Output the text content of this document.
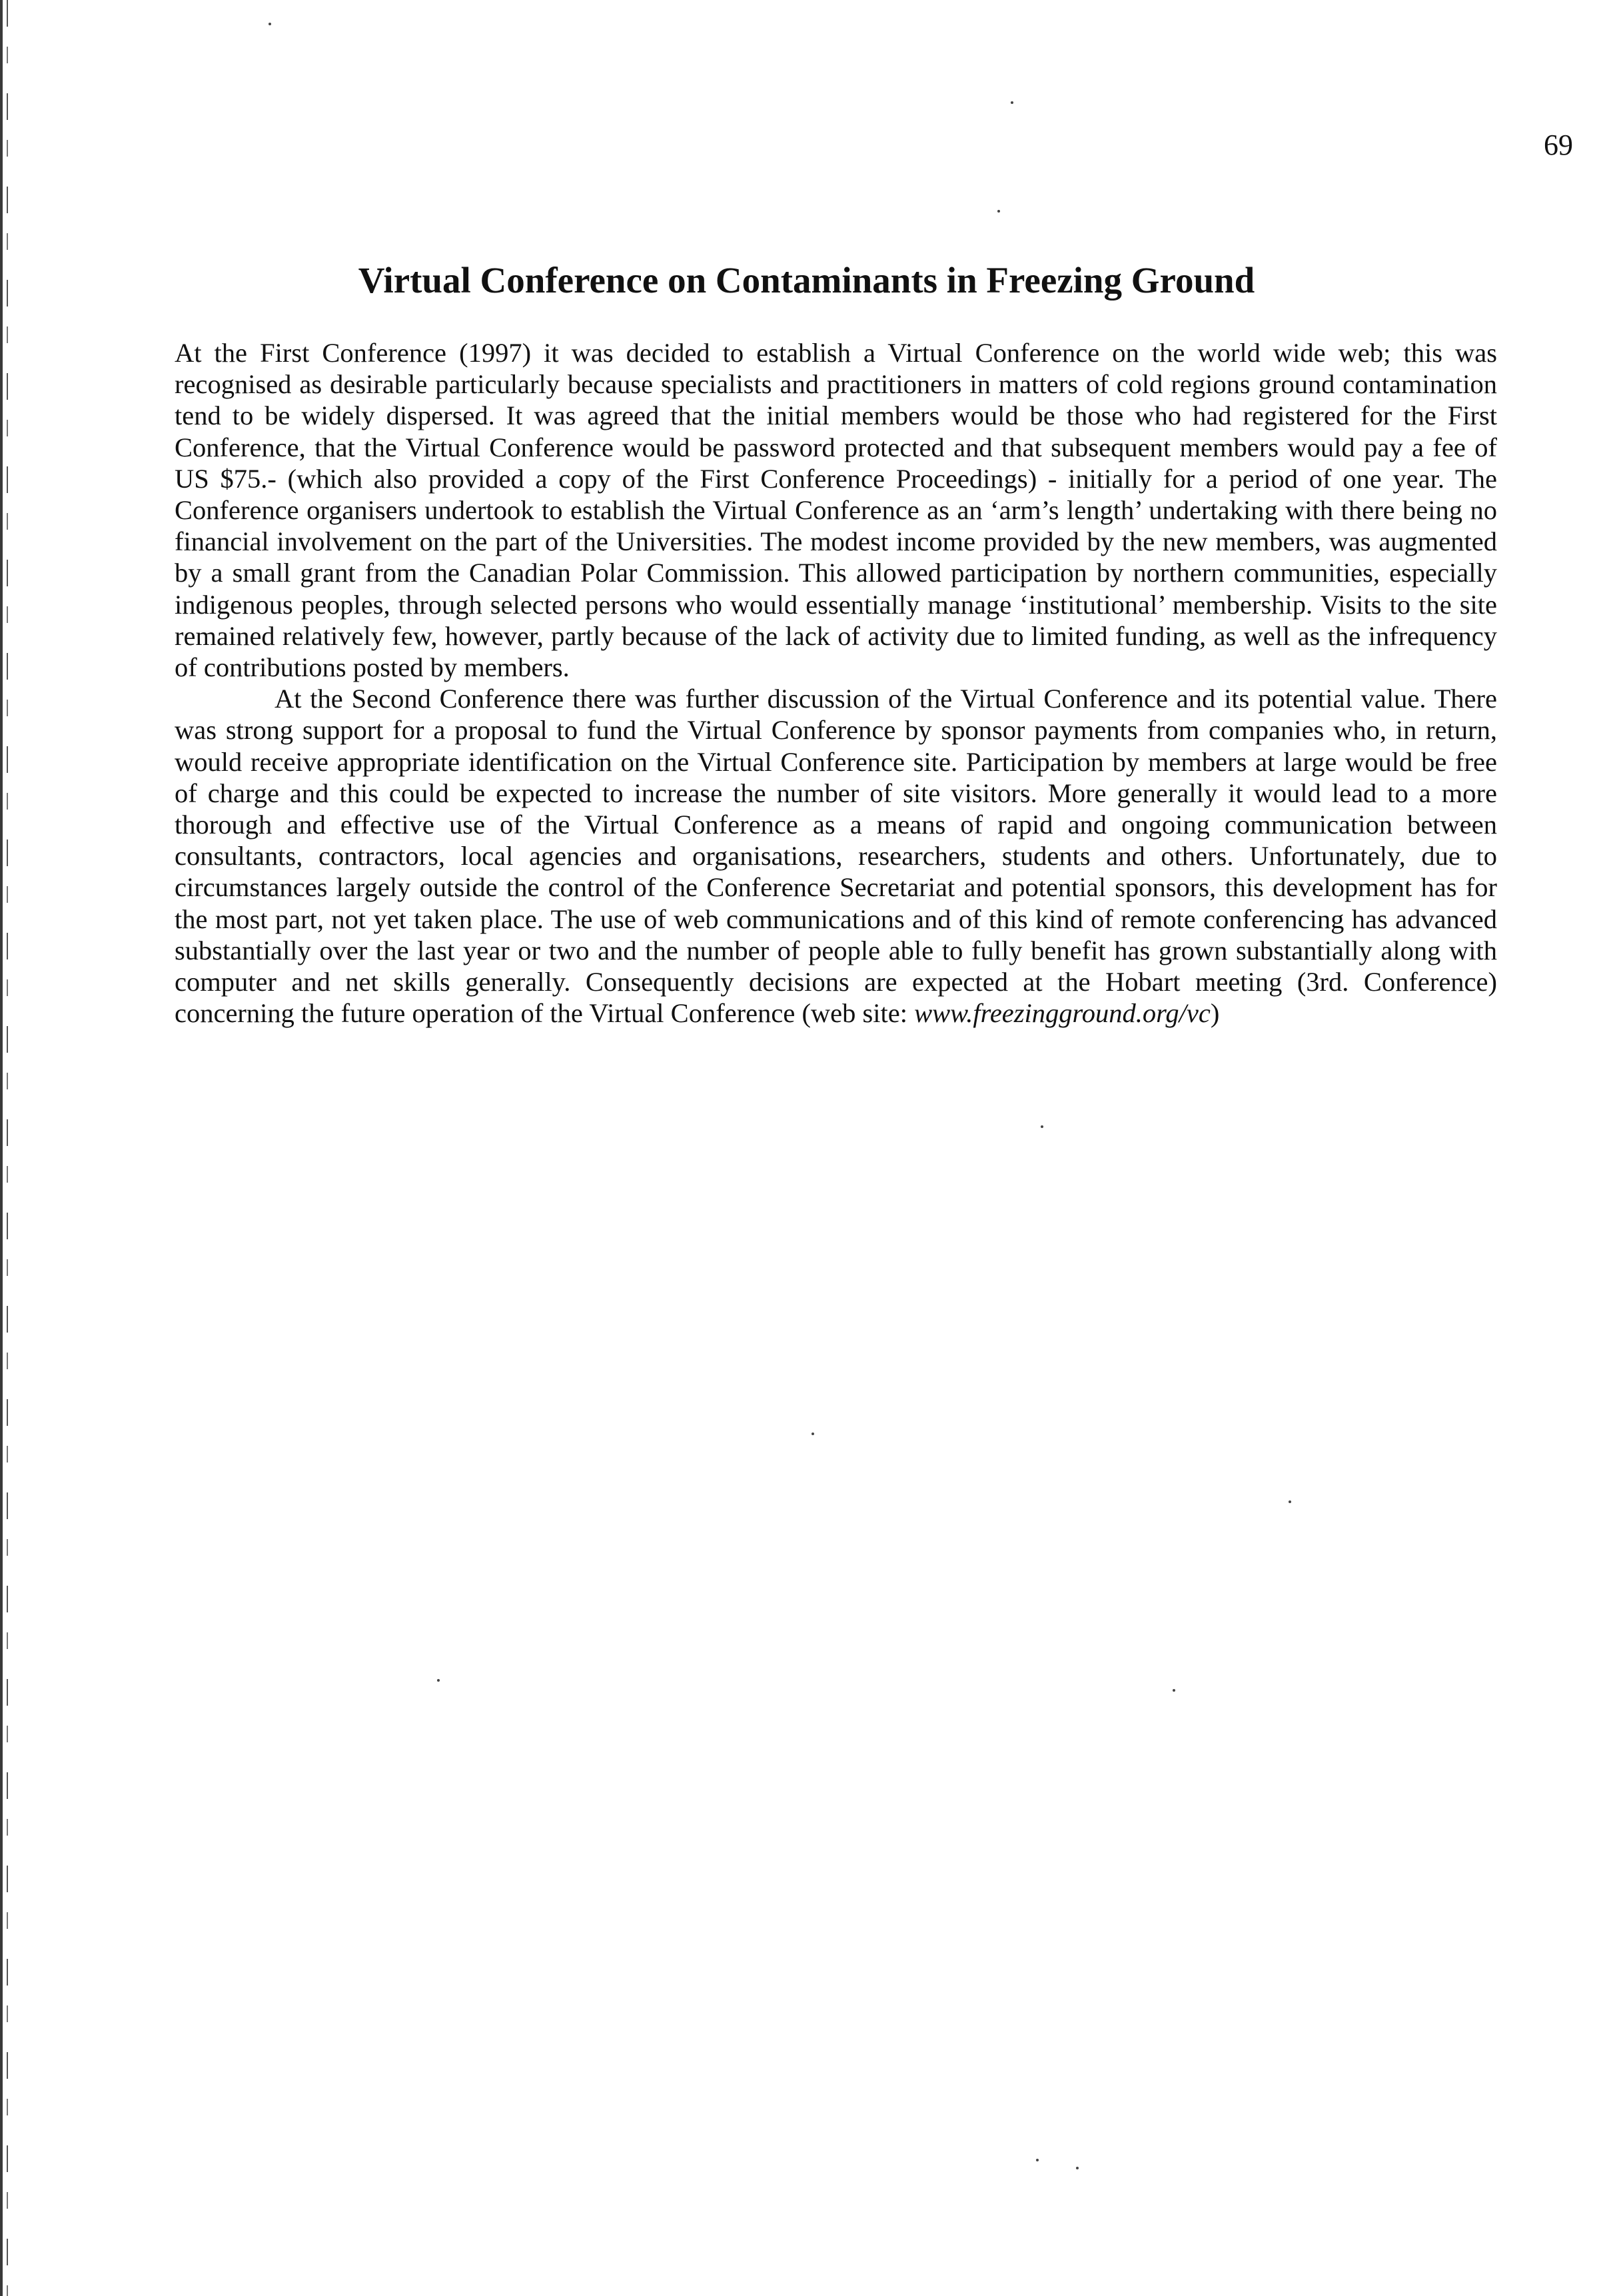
69
Virtual Conference on Contaminants in Freezing Ground

At the First Conference (1997) it was decided to establish a Virtual Conference on the world wide web; this was recognised as desirable particularly because specialists and practitioners in matters of cold regions ground contamination tend to be widely dispersed. It was agreed that the initial members would be those who had registered for the First Conference, that the Virtual Conference would be password protected and that subsequent members would pay a fee of US $75.- (which also provided a copy of the First Conference Proceedings) - initially for a period of one year. The Conference organisers undertook to establish the Virtual Conference as an ‘arm’s length’ undertaking with there being no financial involvement on the part of the Universities. The modest income provided by the new members, was augmented by a small grant from the Canadian Polar Commission. This allowed participation by northern communities, especially indigenous peoples, through selected persons who would essentially manage ‘institutional’ membership. Visits to the site remained relatively few, however, partly because of the lack of activity due to limited funding, as well as the infrequency of contributions posted by members.

At the Second Conference there was further discussion of the Virtual Conference and its potential value. There was strong support for a proposal to fund the Virtual Conference by sponsor payments from companies who, in return, would receive appropriate identification on the Virtual Conference site. Participation by members at large would be free of charge and this could be expected to increase the number of site visitors. More generally it would lead to a more thorough and effective use of the Virtual Conference as a means of rapid and ongoing communication between consultants, contractors, local agencies and organisations, researchers, students and others. Unfortunately, due to circumstances largely outside the control of the Conference Secretariat and potential sponsors, this development has for the most part, not yet taken place. The use of web communications and of this kind of remote conferencing has advanced substantially over the last year or two and the number of people able to fully benefit has grown substantially along with computer and net skills generally. Consequently decisions are expected at the Hobart meeting (3rd. Conference) concerning the future operation of the Virtual Conference (web site: www.freezingground.org/vc)
